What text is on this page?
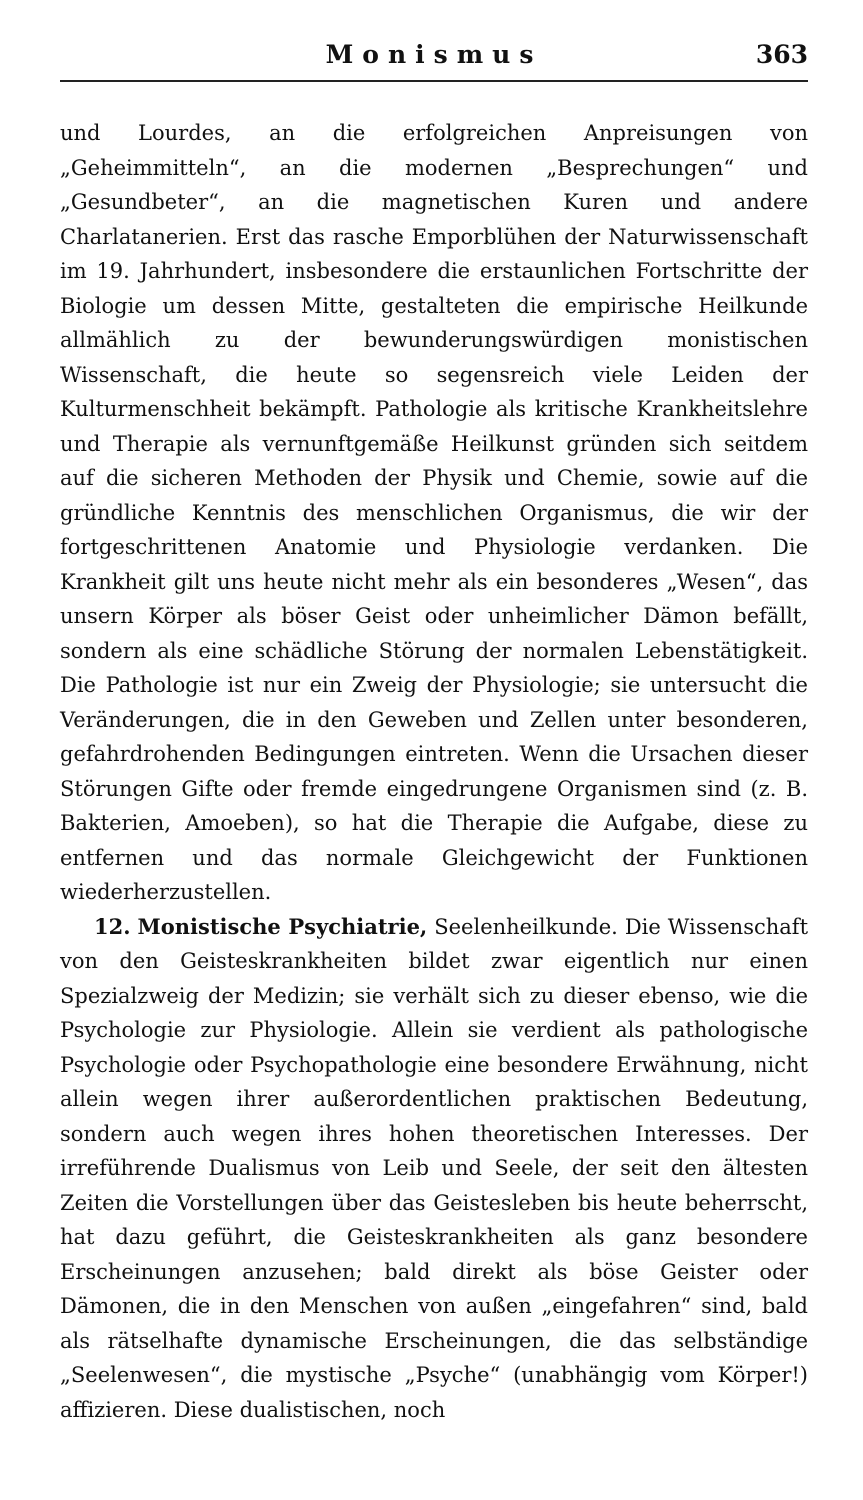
Monismus	363

und Lourdes, an die erfolgreichen Anpreisungen von „Geheimmitteln“, an die modernen „Besprechungen“ und „Gesundbeter“, an die magnetischen Kuren und andere Charlatanerien. Erst das rasche Emporblühen der Naturwissenschaft im 19. Jahrhundert, insbesondere die erstaunlichen Fortschritte der Biologie um dessen Mitte, gestalteten die empirische Heilkunde allmählich zu der bewunderungswürdigen monistischen Wissenschaft, die heute so segensreich viele Leiden der Kulturmenschheit bekämpft. Pathologie als kritische Krankheitslehre und Therapie als vernunftgemäße Heilkunst gründen sich seitdem auf die sicheren Methoden der Physik und Chemie, sowie auf die gründliche Kenntnis des menschlichen Organismus, die wir der fortgeschrittenen Anatomie und Physiologie verdanken. Die Krankheit gilt uns heute nicht mehr als ein besonderes „Wesen“, das unsern Körper als böser Geist oder unheimlicher Dämon befällt, sondern als eine schädliche Störung der normalen Lebenstätigkeit. Die Pathologie ist nur ein Zweig der Physiologie; sie untersucht die Veränderungen, die in den Geweben und Zellen unter besonderen, gefahrdrohenden Bedingungen eintreten. Wenn die Ursachen dieser Störungen Gifte oder fremde eingedrungene Organismen sind (z. B. Bakterien, Amoeben), so hat die Therapie die Aufgabe, diese zu entfernen und das normale Gleichgewicht der Funktionen wiederherzustellen.

12. Monistische Psychiatrie, Seelenheilkunde. Die Wissenschaft von den Geisteskrankheiten bildet zwar eigentlich nur einen Spezialzweig der Medizin; sie verhält sich zu dieser ebenso, wie die Psychologie zur Physiologie. Allein sie verdient als pathologische Psychologie oder Psychopathologie eine besondere Erwähnung, nicht allein wegen ihrer außerordentlichen praktischen Bedeutung, sondern auch wegen ihres hohen theoretischen Interesses. Der irreführende Dualismus von Leib und Seele, der seit den ältesten Zeiten die Vorstellungen über das Geistesleben bis heute beherrscht, hat dazu geführt, die Geisteskrankheiten als ganz besondere Erscheinungen anzusehen; bald direkt als böse Geister oder Dämonen, die in den Menschen von außen „eingefahren“ sind, bald als rätselhafte dynamische Erscheinungen, die das selbständige „Seelenwesen“, die mystische „Psyche“ (unabhängig vom Körper!) affizieren. Diese dualistischen, noch
